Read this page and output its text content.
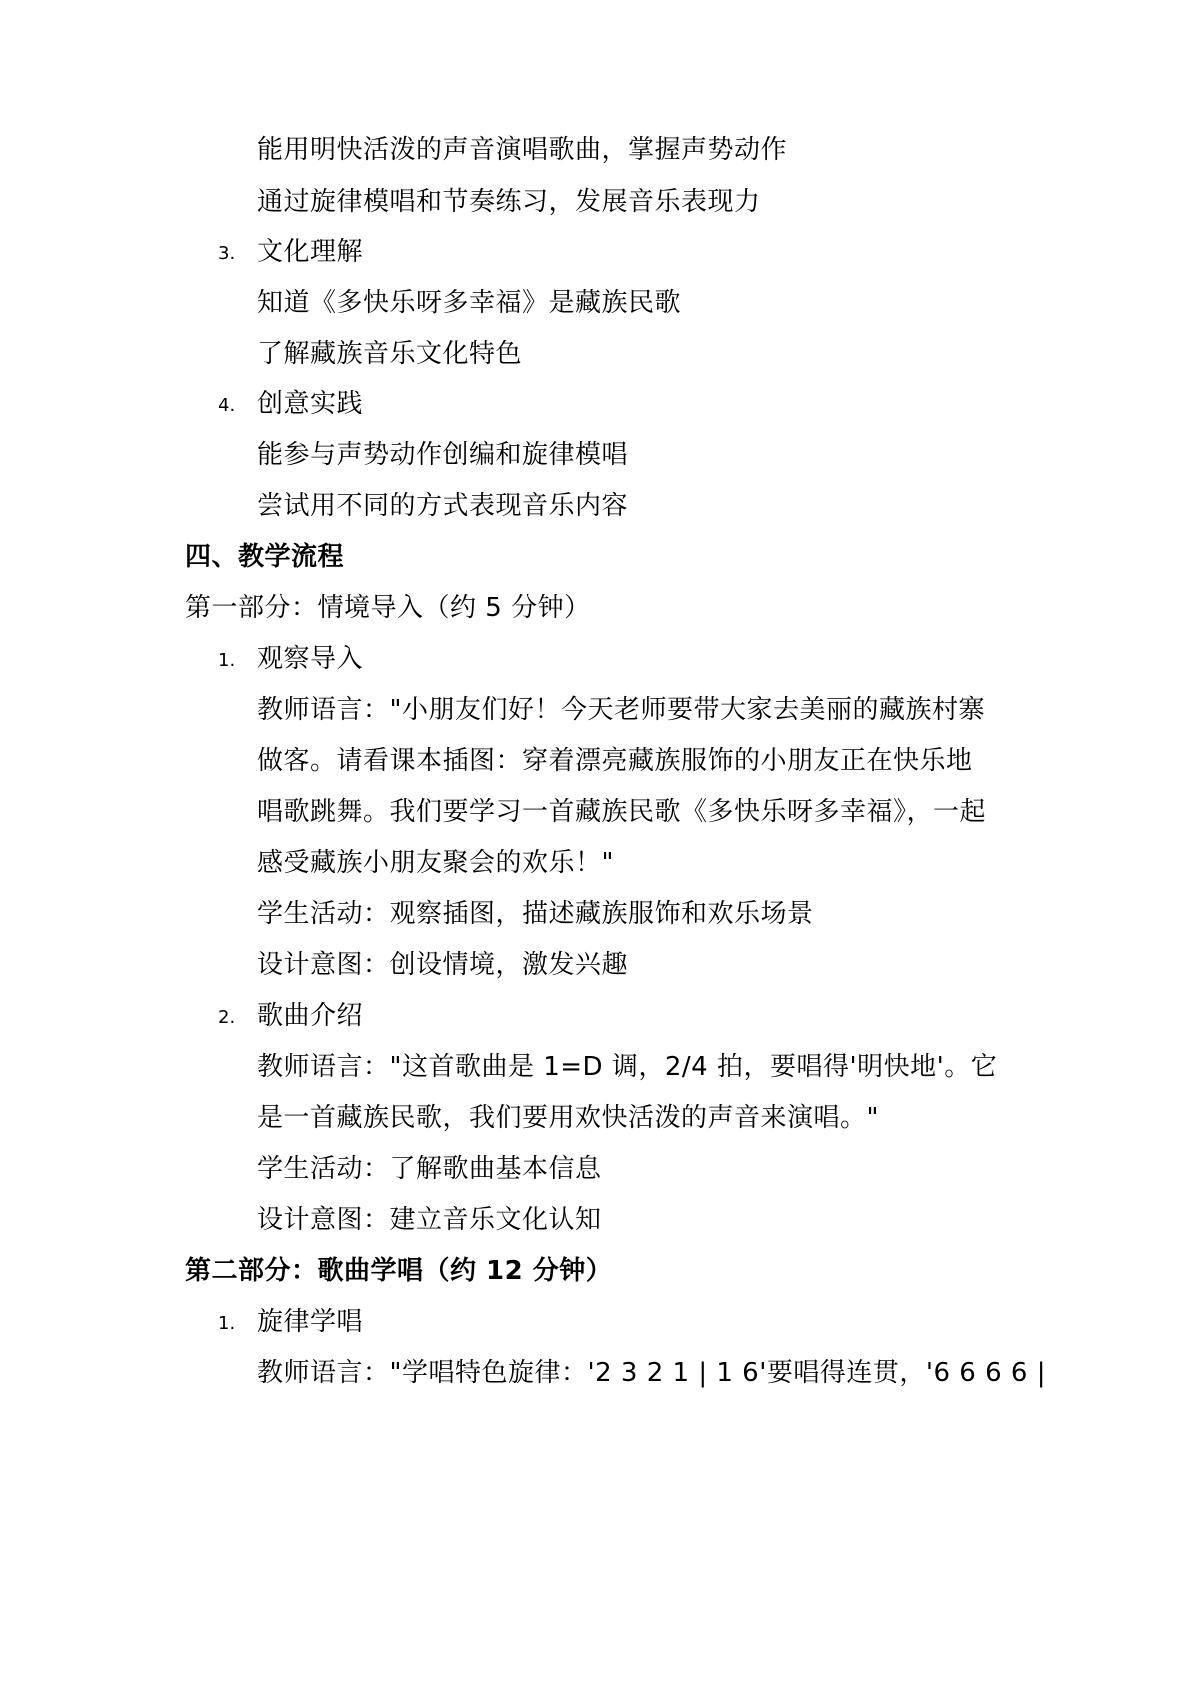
能用明快活泼的声音演唱歌曲，掌握声势动作
通过旋律模唱和节奏练习，发展音乐表现力
3. 文化理解
知道《多快乐呀多幸福》是藏族民歌
了解藏族音乐文化特色
4. 创意实践
能参与声势动作创编和旋律模唱
尝试用不同的方式表现音乐内容
四、教学流程
第一部分：情境导入（约 5 分钟）
1. 观察导入
教师语言："小朋友们好！今天老师要带大家去美丽的藏族村寨
做客。请看课本插图：穿着漂亮藏族服饰的小朋友正在快乐地
唱歌跳舞。我们要学习一首藏族民歌《多快乐呀多幸福》，一起
感受藏族小朋友聚会的欢乐！"
学生活动：观察插图，描述藏族服饰和欢乐场景
设计意图：创设情境，激发兴趣
2. 歌曲介绍
教师语言："这首歌曲是 1=D 调，2/4 拍，要唱得'明快地'。它
是一首藏族民歌，我们要用欢快活泼的声音来演唱。"
学生活动：了解歌曲基本信息
设计意图：建立音乐文化认知
第二部分：歌曲学唱（约 12 分钟）
1. 旋律学唱
教师语言："学唱特色旋律：'2 3 2 1 | 1 6'要唱得连贯，'6 6 6 6 |
